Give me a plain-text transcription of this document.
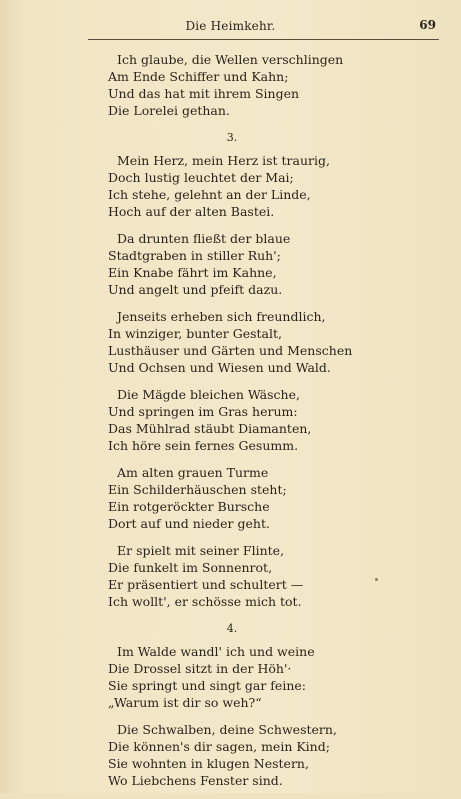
Die Heimkehr.	69
Ich glaube, die Wellen verschlingen
Am Ende Schiffer und Kahn;
Und das hat mit ihrem Singen
Die Lorelei gethan.
3.
Mein Herz, mein Herz ist traurig,
Doch lustig leuchtet der Mai;
Ich stehe, gelehnt an der Linde,
Hoch auf der alten Bastei.
Da drunten fließt der blaue
Stadtgraben in stiller Ruh';
Ein Knabe fährt im Kahne,
Und angelt und pfeift dazu.
Jenseits erheben sich freundlich,
In winziger, bunter Gestalt,
Lusthäuser und Gärten und Menschen
Und Ochsen und Wiesen und Wald.
Die Mägde bleichen Wäsche,
Und springen im Gras herum:
Das Mühlrad stäubt Diamanten,
Ich höre sein fernes Gesumm.
Am alten grauen Turme
Ein Schilderhäuschen steht;
Ein rotgeröckter Bursche
Dort auf und nieder geht.
Er spielt mit seiner Flinte,
Die funkelt im Sonnenrot,
Er präsentiert und schultert —
Ich wollt', er schösse mich tot.
4.
Im Walde wandl' ich und weine
Die Drossel sitzt in der Höh'·
Sie springt und singt gar feine:
„Warum ist dir so weh?“
Die Schwalben, deine Schwestern,
Die können's dir sagen, mein Kind;
Sie wohnten in klugen Nestern,
Wo Liebchens Fenster sind.
